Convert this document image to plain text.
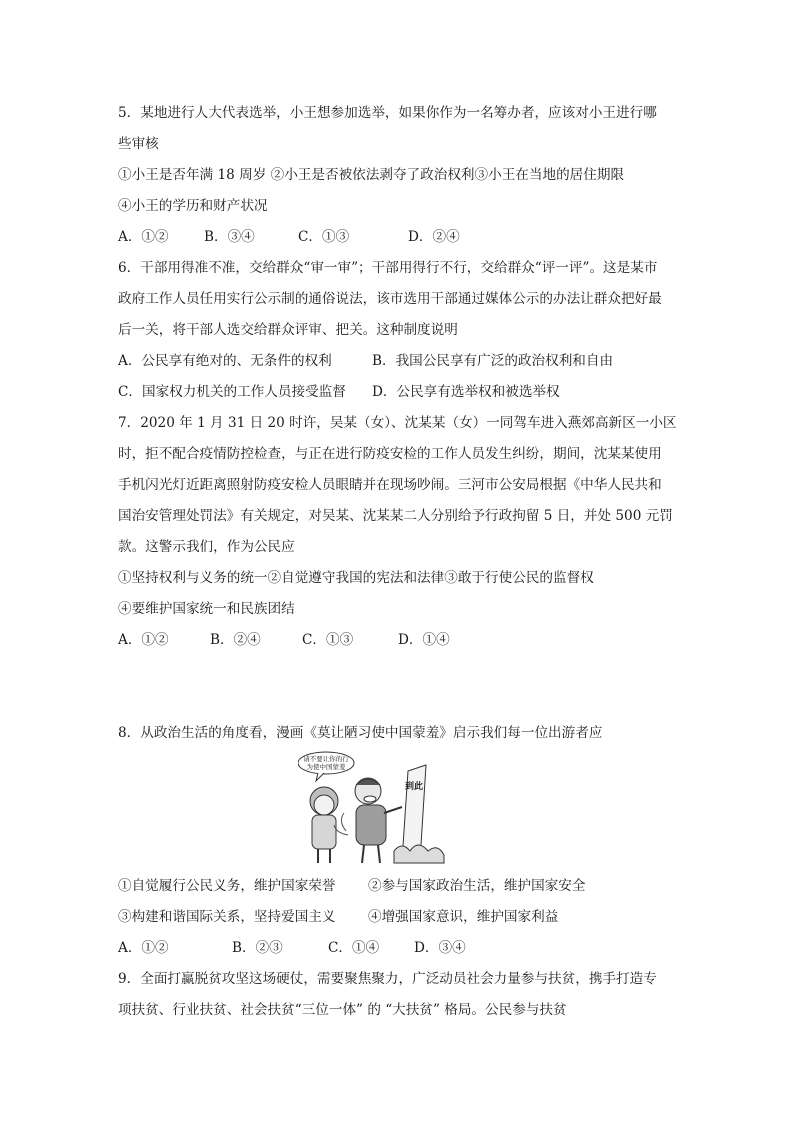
5．某地进行人大代表选举，小王想参加选举，如果你作为一名筹办者，应该对小王进行哪
些审核
①小王是否年满 18 周岁 ②小王是否被依法剥夺了政治权利③小王在当地的居住期限
④小王的学历和财产状况
A．①②	B．③④	C．①③	D．②④
6．干部用得准不准，交给群众“审一审”；干部用得行不行，交给群众“评一评”。这是某市
政府工作人员任用实行公示制的通俗说法，该市选用干部通过媒体公示的办法让群众把好最
后一关，将干部人选交给群众评审、把关。这种制度说明
A．公民享有绝对的、无条件的权利	B．我国公民享有广泛的政治权利和自由
C．国家权力机关的工作人员接受监督	D．公民享有选举权和被选举权
7．2020 年 1 月 31 日 20 时许，吴某（女）、沈某某（女）一同驾车进入燕郊高新区一小区
时，拒不配合疫情防控检查，与正在进行防疫安检的工作人员发生纠纷，期间，沈某某使用
手机闪光灯近距离照射防疫安检人员眼睛并在现场吵闹。三河市公安局根据《中华人民共和
国治安管理处罚法》有关规定，对吴某、沈某某二人分别给予行政拘留 5 日，并处 500 元罚
款。这警示我们，作为公民应
①坚持权利与义务的统一②自觉遵守我国的宪法和法律③敢于行使公民的监督权
④要维护国家统一和民族团结
A．①②	B．②④	C．①③	D．①④
8．从政治生活的角度看，漫画《莫让陋习使中国蒙羞》启示我们每一位出游者应
请不要让你的行
为使中国蒙羞
到此
①自觉履行公民义务，维护国家荣誉	②参与国家政治生活，维护国家安全
③构建和谐国际关系，坚持爱国主义	④增强国家意识，维护国家利益
A．①②	B．②③	C．①④	D．③④
9．全面打赢脱贫攻坚这场硬仗，需要聚焦聚力，广泛动员社会力量参与扶贫，携手打造专
项扶贫、行业扶贫、社会扶贫“三位一体” 的 “大扶贫” 格局。公民参与扶贫
